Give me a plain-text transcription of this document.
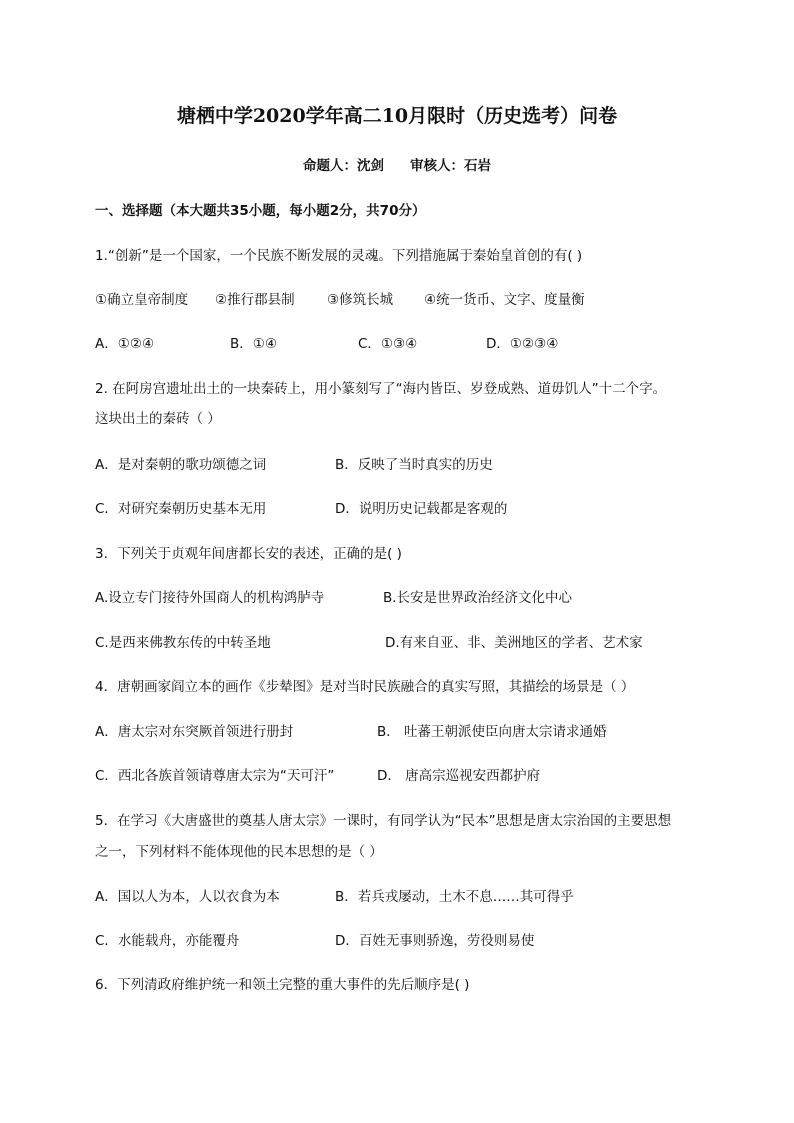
塘栖中学2020学年高二10月限时（历史选考）问卷
命题人：沈剑 审核人：石岩
一、选择题（本大题共35小题，每小题2分，共70分）
1.“创新”是一个国家，一个民族不断发展的灵魂。下列措施属于秦始皇首创的有( )
①确立皇帝制度 ②推行郡县制 ③修筑长城 ④统一货币、文字、度量衡
A．①②④	B．①④	C．①③④	D．①②③④
2. 在阿房宫遗址出土的一块秦砖上，用小篆刻写了“海内皆臣、岁登成熟、道毋饥人”十二个字。
这块出土的秦砖（ ）
A．是对秦朝的歌功颂德之词	B．反映了当时真实的历史
C．对研究秦朝历史基本无用	D．说明历史记载都是客观的
3．下列关于贞观年间唐都长安的表述，正确的是( )
A.设立专门接待外国商人的机构鸿胪寺	B.长安是世界政治经济文化中心
C.是西来佛教东传的中转圣地	D.有来自亚、非、美洲地区的学者、艺术家
4．唐朝画家阎立本的画作《步辇图》是对当时民族融合的真实写照，其描绘的场景是（ ）
A．唐太宗对东突厥首领进行册封	B． 吐蕃王朝派使臣向唐太宗请求通婚
C．西北各族首领请尊唐太宗为“天可汗”	D． 唐高宗巡视安西都护府
5．在学习《大唐盛世的奠基人唐太宗》一课时，有同学认为“民本”思想是唐太宗治国的主要思想
之一，下列材料不能体现他的民本思想的是（ ）
A．国以人为本，人以衣食为本	B．若兵戎屡动，土木不息……其可得乎
C．水能载舟，亦能覆舟	D．百姓无事则骄逸，劳役则易使
6．下列清政府维护统一和领土完整的重大事件的先后顺序是( )
